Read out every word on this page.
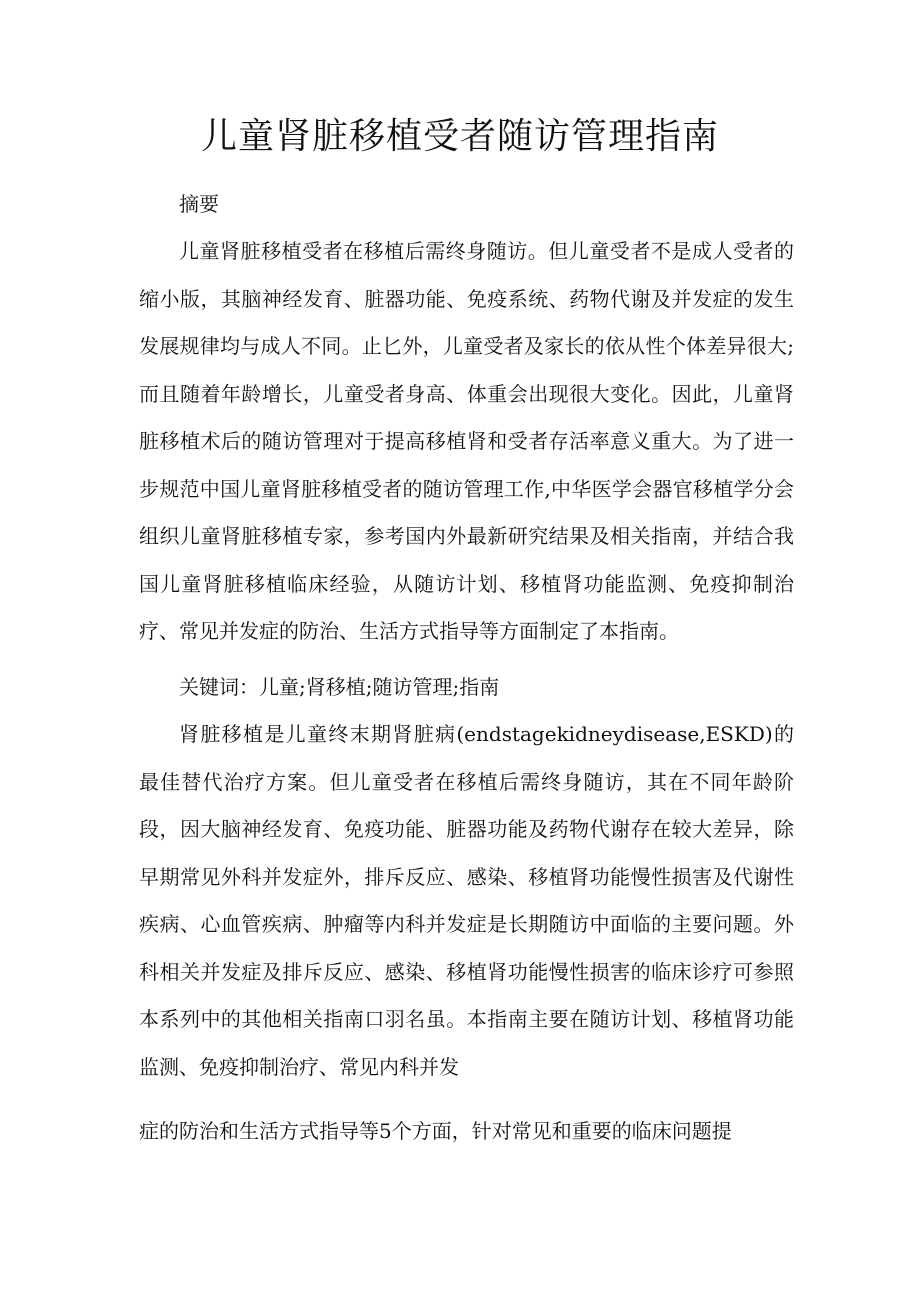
儿童肾脏移植受者随访管理指南

摘要

儿童肾脏移植受者在移植后需终身随访。但儿童受者不是成人受者的缩小版，其脑神经发育、脏器功能、免疫系统、药物代谢及并发症的发生发展规律均与成人不同。止匕外，儿童受者及家长的依从性个体差异很大;而且随着年龄增长，儿童受者身高、体重会出现很大变化。因此，儿童肾脏移植术后的随访管理对于提高移植肾和受者存活率意义重大。为了进一步规范中国儿童肾脏移植受者的随访管理工作,中华医学会器官移植学分会组织儿童肾脏移植专家，参考国内外最新研究结果及相关指南，并结合我国儿童肾脏移植临床经验，从随访计划、移植肾功能监测、免疫抑制治疗、常见并发症的防治、生活方式指导等方面制定了本指南。

关键词：儿童;肾移植;随访管理;指南

肾脏移植是儿童终末期肾脏病(endstagekidneydisease,ESKD)的最佳替代治疗方案。但儿童受者在移植后需终身随访，其在不同年龄阶段，因大脑神经发育、免疫功能、脏器功能及药物代谢存在较大差异，除早期常见外科并发症外，排斥反应、感染、移植肾功能慢性损害及代谢性疾病、心血管疾病、肿瘤等内科并发症是长期随访中面临的主要问题。外科相关并发症及排斥反应、感染、移植肾功能慢性损害的临床诊疗可参照本系列中的其他相关指南口羽名虽。本指南主要在随访计划、移植肾功能监测、免疫抑制治疗、常见内科并发

症的防治和生活方式指导等5个方面，针对常见和重要的临床问题提
